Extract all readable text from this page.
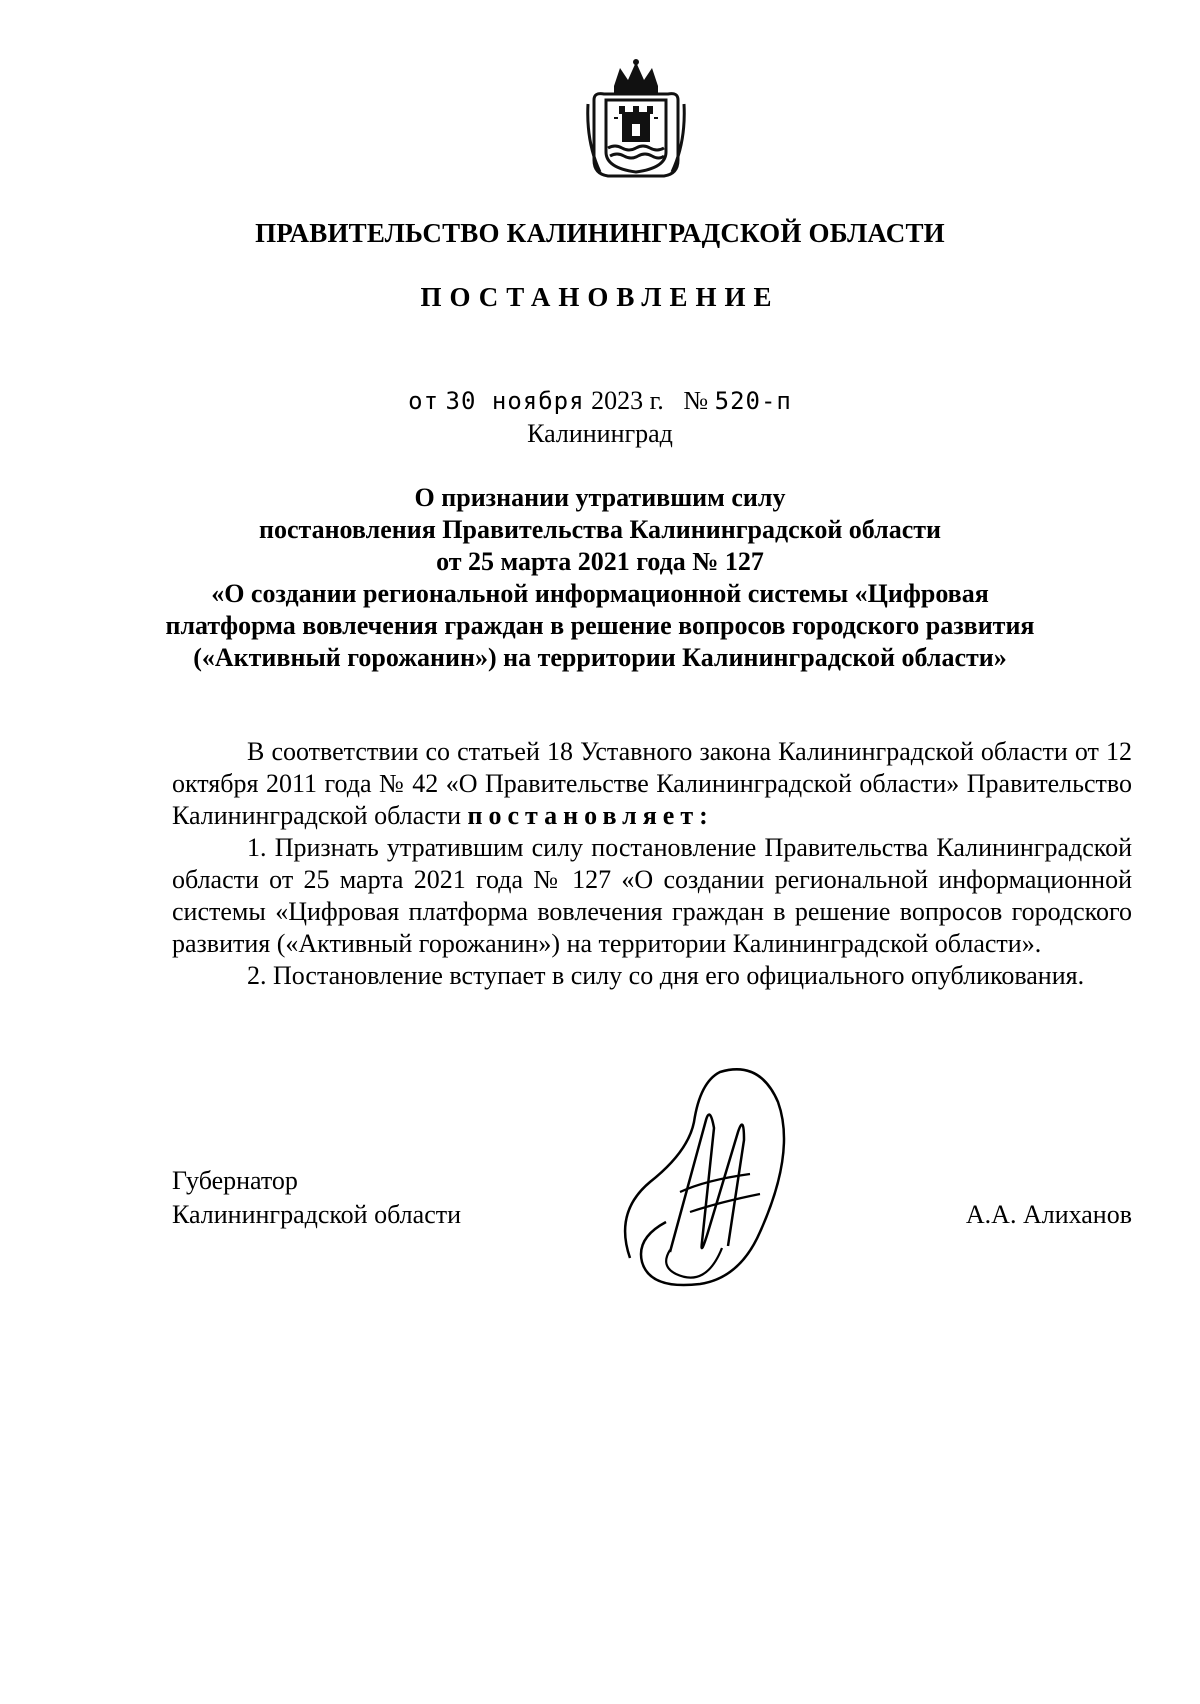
ПРАВИТЕЛЬСТВО КАЛИНИНГРАДСКОЙ ОБЛАСТИ
ПОСТАНОВЛЕНИЕ
от 30 ноября 2023 г. № 520-п
Калининград
О признании утратившим силу
постановления Правительства Калининградской области
от 25 марта 2021 года № 127
«О создании региональной информационной системы «Цифровая
платформа вовлечения граждан в решение вопросов городского развития
(«Активный горожанин») на территории Калининградской области»

В соответствии со статьей 18 Уставного закона Калининградской области от 12 октября 2011 года № 42 «О Правительстве Калининградской области» Правительство Калининградской области постановляет:

1. Признать утратившим силу постановление Правительства Калининградской области от 25 марта 2021 года № 127 «О создании региональной информационной системы «Цифровая платформа вовлечения граждан в решение вопросов городского развития («Активный горожанин») на территории Калининградской области».

2. Постановление вступает в силу со дня его официального опубликования.

Губернатор
Калининградской области	А.А. Алиханов
